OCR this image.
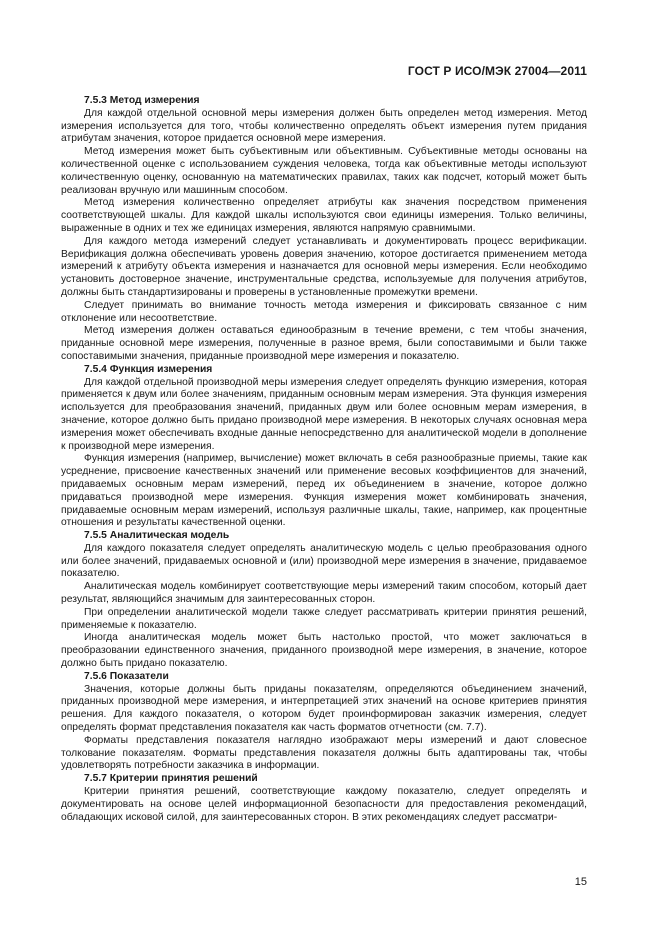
ГОСТ Р ИСО/МЭК 27004—2011
7.5.3 Метод измерения

Для каждой отдельной основной меры измерения должен быть определен метод измерения. Метод измерения используется для того, чтобы количественно определять объект измерения путем придания атрибутам значения, которое придается основной мере измерения.

Метод измерения может быть субъективным или объективным. Субъективные методы основаны на количественной оценке с использованием суждения человека, тогда как объективные методы используют количественную оценку, основанную на математических правилах, таких как подсчет, который может быть реализован вручную или машинным способом.

Метод измерения количественно определяет атрибуты как значения посредством применения соответствующей шкалы. Для каждой шкалы используются свои единицы измерения. Только величины, выраженные в одних и тех же единицах измерения, являются напрямую сравнимыми.

Для каждого метода измерений следует устанавливать и документировать процесс верификации. Верификация должна обеспечивать уровень доверия значению, которое достигается применением метода измерений к атрибуту объекта измерения и назначается для основной меры измерения. Если необходимо установить достоверное значение, инструментальные средства, используемые для получения атрибутов, должны быть стандартизированы и проверены в установленные промежутки времени.

Следует принимать во внимание точность метода измерения и фиксировать связанное с ним отклонение или несоответствие.

Метод измерения должен оставаться единообразным в течение времени, с тем чтобы значения, приданные основной мере измерения, полученные в разное время, были сопоставимыми и были также сопоставимыми значения, приданные производной мере измерения и показателю.

7.5.4 Функция измерения

Для каждой отдельной производной меры измерения следует определять функцию измерения, которая применяется к двум или более значениям, приданным основным мерам измерения. Эта функция измерения используется для преобразования значений, приданных двум или более основным мерам измерения, в значение, которое должно быть придано производной мере измерения. В некоторых случаях основная мера измерения может обеспечивать входные данные непосредственно для аналитической модели в дополнение к производной мере измерения.

Функция измерения (например, вычисление) может включать в себя разнообразные приемы, такие как усреднение, присвоение качественных значений или применение весовых коэффициентов для значений, придаваемых основным мерам измерений, перед их объединением в значение, которое должно придаваться производной мере измерения. Функция измерения может комбинировать значения, придаваемые основным мерам измерений, используя различные шкалы, такие, например, как процентные отношения и результаты качественной оценки.

7.5.5 Аналитическая модель

Для каждого показателя следует определять аналитическую модель с целью преобразования одного или более значений, придаваемых основной и (или) производной мере измерения в значение, придаваемое показателю.

Аналитическая модель комбинирует соответствующие меры измерений таким способом, который дает результат, являющийся значимым для заинтересованных сторон.

При определении аналитической модели также следует рассматривать критерии принятия решений, применяемые к показателю.

Иногда аналитическая модель может быть настолько простой, что может заключаться в преобразовании единственного значения, приданного производной мере измерения, в значение, которое должно быть придано показателю.

7.5.6 Показатели

Значения, которые должны быть приданы показателям, определяются объединением значений, приданных производной мере измерения, и интерпретацией этих значений на основе критериев принятия решения. Для каждого показателя, о котором будет проинформирован заказчик измерения, следует определять формат представления показателя как часть форматов отчетности (см. 7.7).

Форматы представления показателя наглядно изображают меры измерений и дают словесное толкование показателям. Форматы представления показателя должны быть адаптированы так, чтобы удовлетворять потребности заказчика в информации.

7.5.7 Критерии принятия решений

Критерии принятия решений, соответствующие каждому показателю, следует определять и документировать на основе целей информационной безопасности для предоставления рекомендаций, обладающих исковой силой, для заинтересованных сторон. В этих рекомендациях следует рассматри-

15
